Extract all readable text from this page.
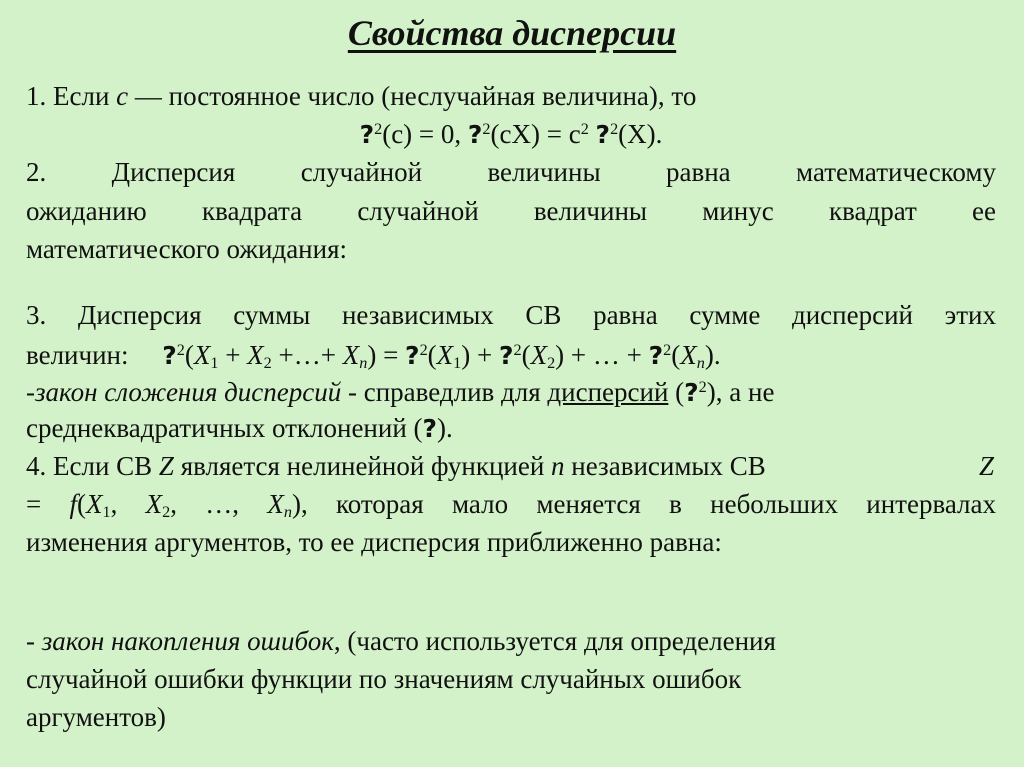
Свойства дисперсии
1. Если c — постоянное число (неслучайная величина), то
?$^2$(c) = 0, ?$^2$(cX) = $c^2$ ?$^2$(X).
2. Дисперсия случайной величины равна математическому
ожиданию квадрата случайной величины минус квадрат ее
математического ожидания:
3. Дисперсия суммы независимых СВ равна сумме дисперсий этих
величин: $?^2(X_1 + X_2$ +…+ $X_n$) = $?^2(X_1)$ + $?^2(X_2)$ + … + $?^2(X_n)$.
-закон сложения дисперсий - справедлив для дисперсий (?$^2$), а не
среднеквадратичных отклонений (?).
4. Если СВ Z является нелинейной функцией n независимых СВ	Z
= $f(X_1$, $X_2$, …, $X_n$), которая мало меняется в небольших интервалах
изменения аргументов, то ее дисперсия приближенно равна:
- закон накопления ошибок, (часто используется для определения
случайной ошибки функции по значениям случайных ошибок
аргументов)
